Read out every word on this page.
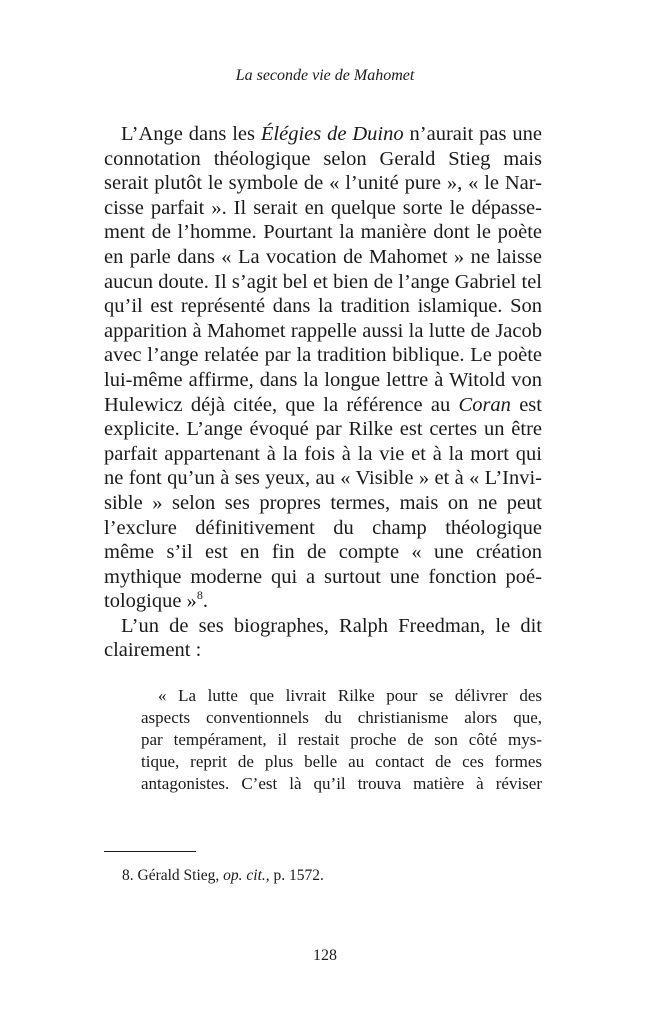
La seconde vie de Mahomet

L’Ange dans les Élégies de Duino n’aurait pas une
connotation théologique selon Gerald Stieg mais
serait plutôt le symbole de « l’unité pure », « le Nar-
cisse parfait ». Il serait en quelque sorte le dépasse-
ment de l’homme. Pourtant la manière dont le poète
en parle dans « La vocation de Mahomet » ne laisse
aucun doute. Il s’agit bel et bien de l’ange Gabriel tel
qu’il est représenté dans la tradition islamique. Son
apparition à Mahomet rappelle aussi la lutte de Jacob
avec l’ange relatée par la tradition biblique. Le poète
lui-même affirme, dans la longue lettre à Witold von
Hulewicz déjà citée, que la référence au Coran est
explicite. L’ange évoqué par Rilke est certes un être
parfait appartenant à la fois à la vie et à la mort qui
ne font qu’un à ses yeux, au « Visible » et à « L’Invi-
sible » selon ses propres termes, mais on ne peut
l’exclure définitivement du champ théologique
même s’il est en fin de compte « une création
mythique moderne qui a surtout une fonction poé-
tologique »$^8$.

L’un de ses biographes, Ralph Freedman, le dit
clairement :

« La lutte que livrait Rilke pour se délivrer des
aspects conventionnels du christianisme alors que,
par tempérament, il restait proche de son côté mys-
tique, reprit de plus belle au contact de ces formes
antagonistes. C’est là qu’il trouva matière à réviser
8. Gérald Stieg, op. cit., p. 1572.
128
